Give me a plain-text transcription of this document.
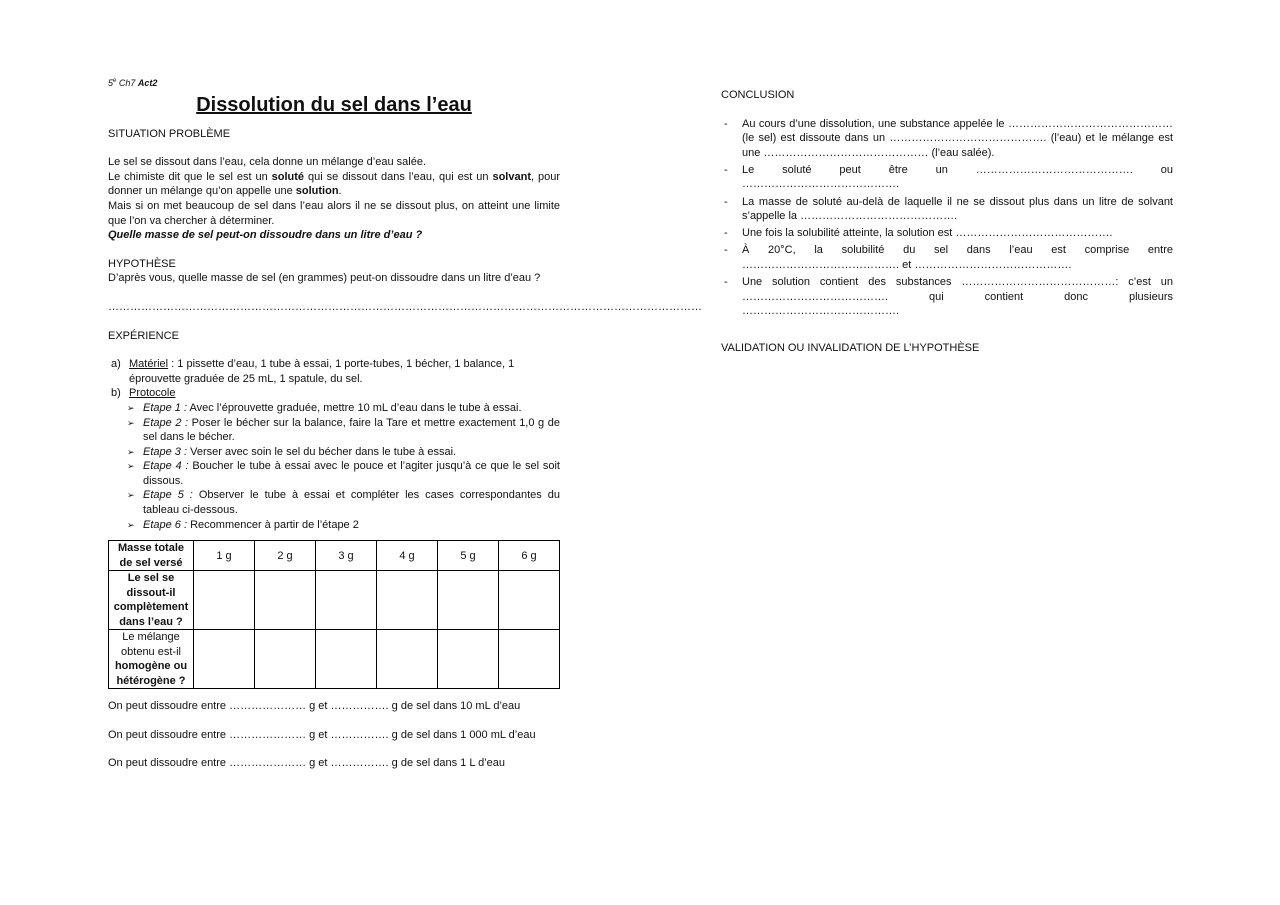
5e Ch7 Act2

Dissolution du sel dans l’eau

SITUATION PROBLÈME

Le sel se dissout dans l’eau, cela donne un mélange d’eau salée.

Le chimiste dit que le sel est un soluté qui se dissout dans l’eau, qui est un solvant, pour donner un mélange qu’on appelle une solution.

Mais si on met beaucoup de sel dans l’eau alors il ne se dissout plus, on atteint une limite que l’on va chercher à déterminer.

Quelle masse de sel peut-on dissoudre dans un litre d’eau ?

HYPOTHÈSE

D’après vous, quelle masse de sel (en grammes) peut-on dissoudre dans un litre d’eau ?

………………………………………………………………………………………………………………………………………………

EXPÉRIENCE

a) Matériel : 1 pissette d’eau, 1 tube à essai, 1 porte-tubes, 1 bécher, 1 balance, 1 éprouvette graduée de 25 mL, 1 spatule, du sel.
b) Protocole
➢ Etape 1 : Avec l’éprouvette graduée, mettre 10 mL d’eau dans le tube à essai.
➢ Etape 2 : Poser le bécher sur la balance, faire la Tare et mettre exactement 1,0 g de sel dans le bécher.
➢ Etape 3 : Verser avec soin le sel du bécher dans le tube à essai.
➢ Etape 4 : Boucher le tube à essai avec le pouce et l’agiter jusqu’à ce que le sel soit dissous.
➢ Etape 5 : Observer le tube à essai et compléter les cases correspondantes du tableau ci-dessous.
➢ Etape 6 : Recommencer à partir de l’étape 2
Masse totale de sel versé	1 g	2 g	3 g	4 g	5 g	6 g
Le sel se dissout-il complètement dans l’eau ?						
Le mélange obtenu est-il homogène ou hétérogène ?						

On peut dissoudre entre ………………… g et ……………. g de sel dans 10 mL d’eau

On peut dissoudre entre ………………… g et ……………. g de sel dans 1 000 mL d’eau

On peut dissoudre entre ………………… g et ……………. g de sel dans 1 L d’eau

CONCLUSION

- Au cours d’une dissolution, une substance appelée le ……………………………………… (le sel) est dissoute dans un ……………………………………. (l’eau) et le mélange est une ……………………………………… (l’eau salée).
- Le soluté peut être un ……………………………………. ou …………………………………….
- La masse de soluté au-delà de laquelle il ne se dissout plus dans un litre de solvant s’appelle la …………………………………….
- Une fois la solubilité atteinte, la solution est …………………………………….
- À 20°C, la solubilité du sel dans l’eau est comprise entre ……………………………………. et …………………………………….
- Une solution contient des substances ……………………………………: c’est un …………………………………. qui contient donc plusieurs …………………………………….

VALIDATION OU INVALIDATION DE L’HYPOTHÈSE
